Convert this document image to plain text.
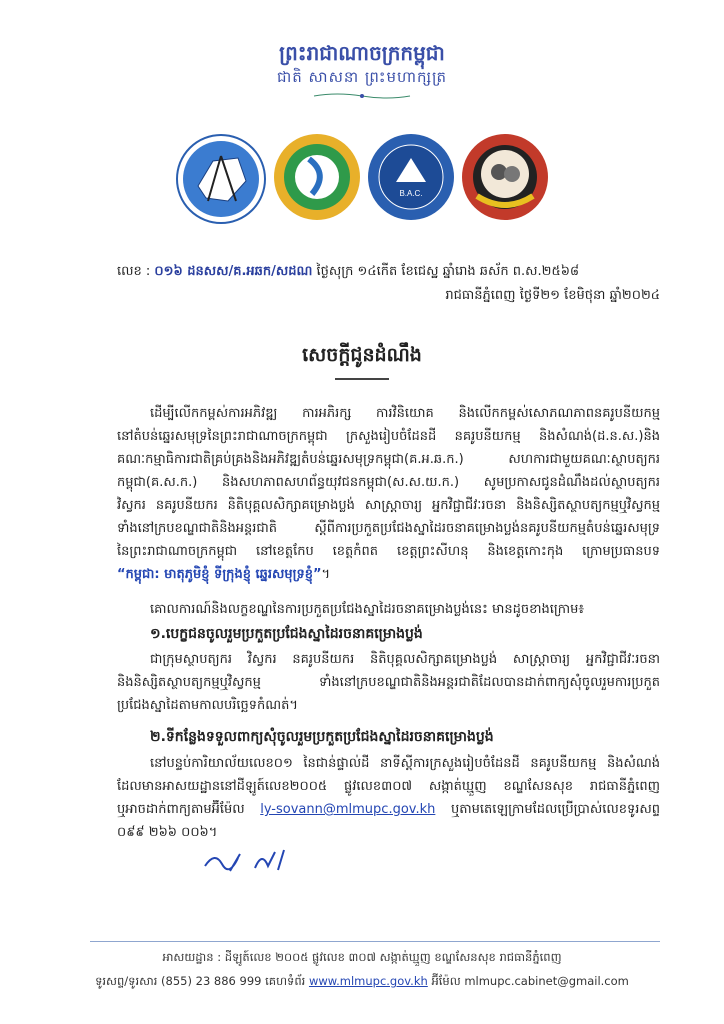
ព្រះរាជាណាចក្រកម្ពុជា
ជាតិ សាសនា ព្រះមហាក្សត្រ
B.A.C.
លេខ : ០១៦ ដនសស/គ.អឆក/សដណ ថ្ងៃសុក្រ ១៤កើត ខែជេស្ឋ ឆ្នាំរោង ឆស័ក ព.ស.២៥៦៨
រាជធានីភ្នំពេញ ថ្ងៃទី២១ ខែមិថុនា ឆ្នាំ២០២៤
សេចក្តីជូនដំណឹង
ដើម្បីលើកកម្ពស់ការអភិវឌ្ឍ ការអភិរក្ស ការវិនិយោគ និងលើកកម្ពស់សោភណភាពនគរូបនីយកម្ម
នៅតំបន់ឆ្នេរសមុទ្រនៃព្រះរាជាណាចក្រកម្ពុជា ក្រសួងរៀបចំដែនដី នគរូបនីយកម្ម និងសំណង់(ដ.ន.ស.)និង
គណៈកម្មាធិការជាតិគ្រប់គ្រងនិងអភិវឌ្ឍតំបន់ឆ្នេរសមុទ្រកម្ពុជា(គ.អ.ឆ.ក.) សហការជាមួយគណៈស្ថាបត្យករ
កម្ពុជា(គ.ស.ក.) និងសហភាពសហព័ន្ធយុវជនកម្ពុជា(ស.ស.យ.ក.) សូមប្រកាសជូនដំណឹងដល់ស្ថាបត្យករ
វិស្វករ នគរូបនីយករ និតិបុគ្គលសិក្សាគម្រោងប្លង់ សាស្ត្រាចារ្យ អ្នកវិជ្ជាជីវៈរចនា និងនិស្សិតស្ថាបត្យកម្មឬវិស្វកម្ម
ទាំងនៅក្របខណ្ឌជាតិនិងអន្តរជាតិ ស្តីពីការប្រកួតប្រជែងស្នាដៃរចនាគម្រោងប្លង់នគរូបនីយកម្មតំបន់ឆ្នេរសមុទ្រ
នៃព្រះរាជាណាចក្រកម្ពុជា នៅខេត្តកែប ខេត្តកំពត ខេត្តព្រះសីហនុ និងខេត្តកោះកុង ក្រោមប្រធានបទ
“កម្ពុជា: មាតុភូមិខ្ញុំ ទីក្រុងខ្ញុំ ឆ្នេរសមុទ្រខ្ញុំ”។
គោលការណ៍និងលក្ខខណ្ឌនៃការប្រកួតប្រជែងស្នាដៃរចនាគម្រោងប្លង់នេះ មានដូចខាងក្រោម៖
១.បេក្ខជនចូលរួមប្រកួតប្រជែងស្នាដៃរចនាគម្រោងប្លង់
ជាក្រុមស្ថាបត្យករ វិស្វករ នគរូបនីយករ និតិបុគ្គលសិក្សាគម្រោងប្លង់ សាស្ត្រាចារ្យ អ្នកវិជ្ជាជីវៈរចនា
និងនិស្សិតស្ថាបត្យកម្មឬវិស្វកម្ម ទាំងនៅក្របខណ្ឌជាតិនិងអន្តរជាតិដែលបានដាក់ពាក្យសុំចូលរួមការប្រកួត
ប្រជែងស្នាដៃតាមកាលបរិច្ឆេទកំណត់។
២.ទីកន្លែងទទួលពាក្យសុំចូលរួមប្រកួតប្រជែងស្នាដៃរចនាគម្រោងប្លង់
នៅបន្ទប់ការិយាល័យលេខ០១ នៃជាន់ផ្ទាល់ដី នាទីស្តីការក្រសួងរៀបចំដែនដី នគរូបនីយកម្ម និងសំណង់
ដែលមានអាសយដ្ឋាននៅដីឡូត៍លេខ២០០៥ ផ្លូវលេខ៣០៧ សង្កាត់ឃ្មួញ ខណ្ឌសែនសុខ រាជធានីភ្នំពេញ
ឬអាចដាក់ពាក្យតាមអ៊ីម៉ែល ly-sovann@mlmupc.gov.kh ឬតាមតេឡេក្រាមដែលប្រើប្រាស់លេខទូរសព្ទ
០៩៩ ២៦៦ ០០៦។
អាសយដ្ឋាន : ដីឡូត៍លេខ ២០០៥ ផ្លូវលេខ ៣០៧ សង្កាត់ឃ្មួញ ខណ្ឌសែនសុខ រាជធានីភ្នំពេញ
ទូរសព្ទ/ទូរសារ (855) 23 886 999 គេហទំព័រ www.mlmupc.gov.kh អ៊ីម៉ែល mlmupc.cabinet@gmail.com
